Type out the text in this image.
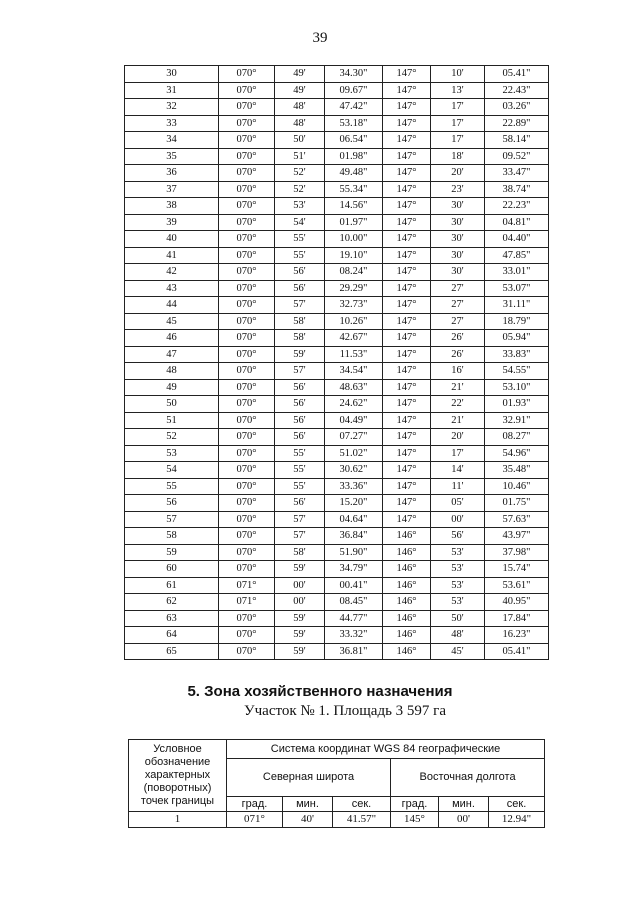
39
30	070°	49'	34.30"	147°	10'	05.41"
31	070°	49'	09.67"	147°	13'	22.43"
32	070°	48'	47.42"	147°	17'	03.26"
33	070°	48'	53.18"	147°	17'	22.89"
34	070°	50'	06.54"	147°	17'	58.14"
35	070°	51'	01.98"	147°	18'	09.52"
36	070°	52'	49.48"	147°	20'	33.47"
37	070°	52'	55.34"	147°	23'	38.74"
38	070°	53'	14.56"	147°	30'	22.23"
39	070°	54'	01.97"	147°	30'	04.81"
40	070°	55'	10.00"	147°	30'	04.40"
41	070°	55'	19.10"	147°	30'	47.85"
42	070°	56'	08.24"	147°	30'	33.01"
43	070°	56'	29.29"	147°	27'	53.07"
44	070°	57'	32.73"	147°	27'	31.11"
45	070°	58'	10.26"	147°	27'	18.79"
46	070°	58'	42.67"	147°	26'	05.94"
47	070°	59'	11.53"	147°	26'	33.83"
48	070°	57'	34.54"	147°	16'	54.55"
49	070°	56'	48.63"	147°	21'	53.10"
50	070°	56'	24.62"	147°	22'	01.93"
51	070°	56'	04.49"	147°	21'	32.91"
52	070°	56'	07.27"	147°	20'	08.27"
53	070°	55'	51.02"	147°	17'	54.96"
54	070°	55'	30.62"	147°	14'	35.48"
55	070°	55'	33.36"	147°	11'	10.46"
56	070°	56'	15.20"	147°	05'	01.75"
57	070°	57'	04.64"	147°	00'	57.63"
58	070°	57'	36.84"	146°	56'	43.97"
59	070°	58'	51.90"	146°	53'	37.98"
60	070°	59'	34.79"	146°	53'	15.74"
61	071°	00'	00.41"	146°	53'	53.61"
62	071°	00'	08.45"	146°	53'	40.95"
63	070°	59'	44.77"	146°	50'	17.84"
64	070°	59'	33.32"	146°	48'	16.23"
65	070°	59'	36.81"	146°	45'	05.41"
5. Зона хозяйственного назначения
Участок № 1. Площадь 3 597 га
Условное обозначение характерных (поворотных) точек границы	Система координат WGS 84 географические					
	Северная широта			Восточная долгота		
	град.	мин.	сек.	град.	мин.	сек.
1	071°	40'	41.57"	145°	00'	12.94"
